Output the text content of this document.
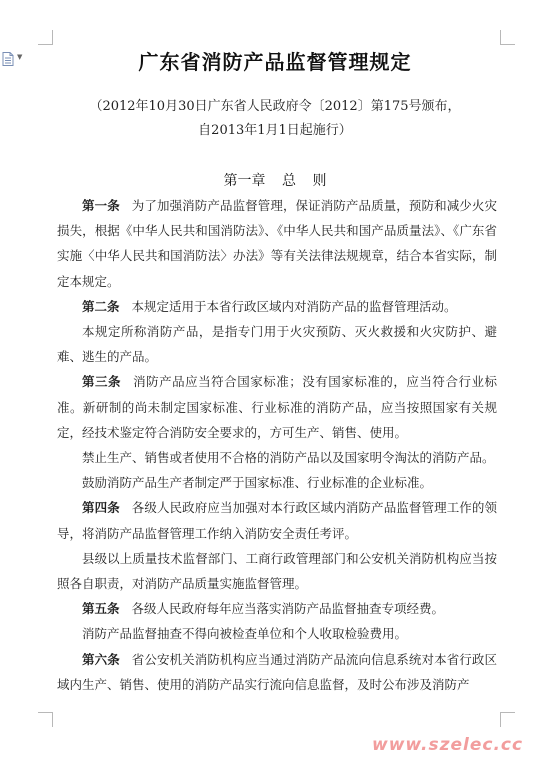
▼	广东省消防产品监督管理规定
（2012年10月30日广东省人民政府令〔2012〕第175号颁布，
自2013年1月1日起施行）
第一章 总 则

第一条 为了加强消防产品监督管理，保证消防产品质量，预防和减少火灾损失，根据《中华人民共和国消防法》、《中华人民共和国产品质量法》、《广东省实施〈中华人民共和国消防法〉办法》等有关法律法规规章，结合本省实际，制定本规定。

第二条 本规定适用于本省行政区域内对消防产品的监督管理活动。

本规定所称消防产品，是指专门用于火灾预防、灭火救援和火灾防护、避难、逃生的产品。

第三条 消防产品应当符合国家标准；没有国家标准的，应当符合行业标准。新研制的尚未制定国家标准、行业标准的消防产品，应当按照国家有关规定，经技术鉴定符合消防安全要求的，方可生产、销售、使用。

禁止生产、销售或者使用不合格的消防产品以及国家明令淘汰的消防产品。

鼓励消防产品生产者制定严于国家标准、行业标准的企业标准。

第四条 各级人民政府应当加强对本行政区域内消防产品监督管理工作的领导，将消防产品监督管理工作纳入消防安全责任考评。

县级以上质量技术监督部门、工商行政管理部门和公安机关消防机构应当按照各自职责，对消防产品质量实施监督管理。

第五条 各级人民政府每年应当落实消防产品监督抽查专项经费。

消防产品监督抽查不得向被检查单位和个人收取检验费用。

第六条 省公安机关消防机构应当通过消防产品流向信息系统对本省行政区域内生产、销售、使用的消防产品实行流向信息监督，及时公布涉及消防产

www.szelec.cc
